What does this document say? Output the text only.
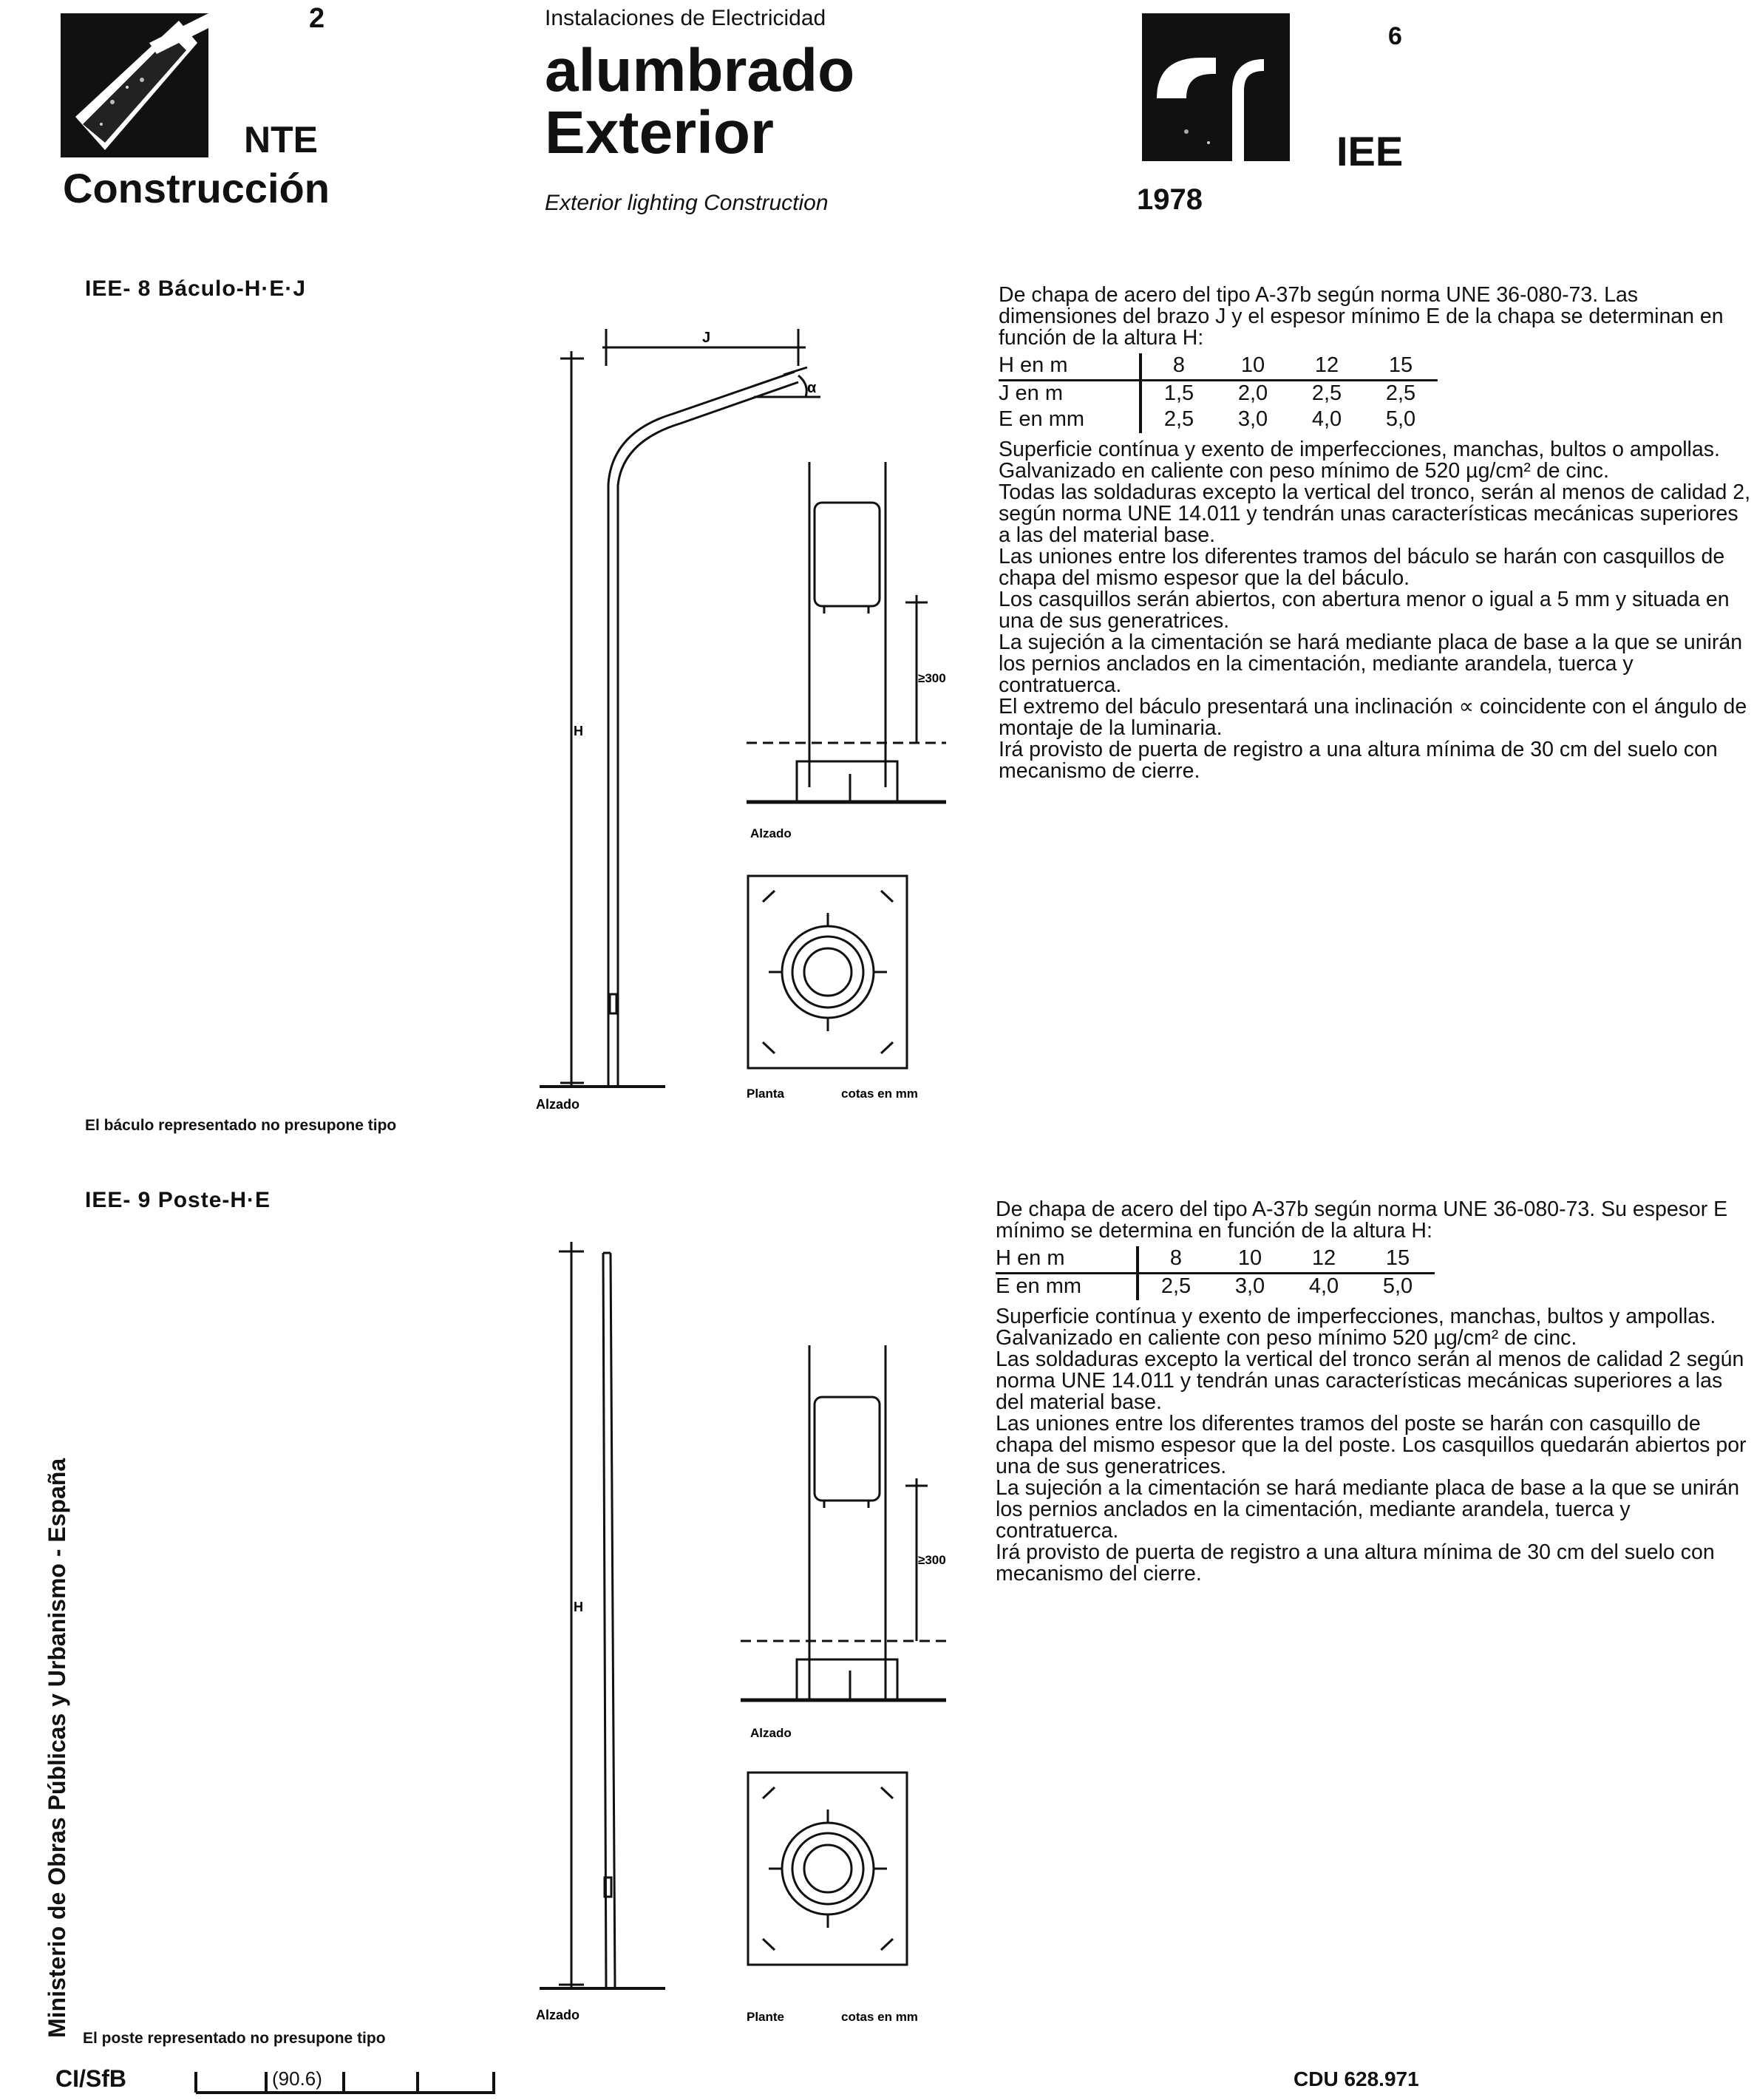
2
NTE
Construcción
Instalaciones de Electricidad
alumbrado
Exterior
Exterior lighting Construction
6
IEE
1978
IEE- 8 Báculo-H·E·J
J
α
H
Alzado
≥300
Alzado
Planta	cotas en mm
El báculo representado no presupone tipo

De chapa de acero del tipo A-37b según norma UNE 36-080-73. Las dimensiones del brazo J y el espesor mínimo E de la chapa se determinan en función de la altura H:

H en m	8	10	12	15
J en m	1,5	2,0	2,5	2,5
E en mm	2,5	3,0	4,0	5,0

Superficie contínua y exento de imperfecciones, manchas, bultos o ampollas.

Galvanizado en caliente con peso mínimo de 520 µg/cm² de cinc.

Todas las soldaduras excepto la vertical del tronco, serán al menos de calidad 2, según norma UNE 14.011 y tendrán unas características mecánicas superiores a las del material base.

Las uniones entre los diferentes tramos del báculo se harán con casquillos de chapa del mismo espesor que la del báculo.

Los casquillos serán abiertos, con abertura menor o igual a 5 mm y situada en una de sus generatrices.

La sujeción a la cimentación se hará mediante placa de base a la que se unirán los pernios anclados en la cimentación, mediante arandela, tuerca y contratuerca.

El extremo del báculo presentará una inclinación ∝ coincidente con el ángulo de montaje de la luminaria.

Irá provisto de puerta de registro a una altura mínima de 30 cm del suelo con mecanismo de cierre.

IEE- 9 Poste-H·E
H
Alzado
≥300
Alzado
Plante	cotas en mm
El poste representado no presupone tipo

De chapa de acero del tipo A-37b según norma UNE 36-080-73. Su espesor E mínimo se determina en función de la altura H:

H en m	8	10	12	15
E en mm	2,5	3,0	4,0	5,0

Superficie contínua y exento de imperfecciones, manchas, bultos y ampollas.

Galvanizado en caliente con peso mínimo 520 µg/cm² de cinc.

Las soldaduras excepto la vertical del tronco serán al menos de calidad 2 según norma UNE 14.011 y tendrán unas características mecánicas superiores a las del material base.

Las uniones entre los diferentes tramos del poste se harán con casquillo de chapa del mismo espesor que la del poste. Los casquillos quedarán abiertos por una de sus generatrices.

La sujeción a la cimentación se hará mediante placa de base a la que se unirán los pernios anclados en la cimentación, mediante arandela, tuerca y contratuerca.

Irá provisto de puerta de registro a una altura mínima de 30 cm del suelo con mecanismo del cierre.

Ministerio de Obras Públicas y Urbanismo - España
CI/SfB	(90.6)	CDU 628.971
